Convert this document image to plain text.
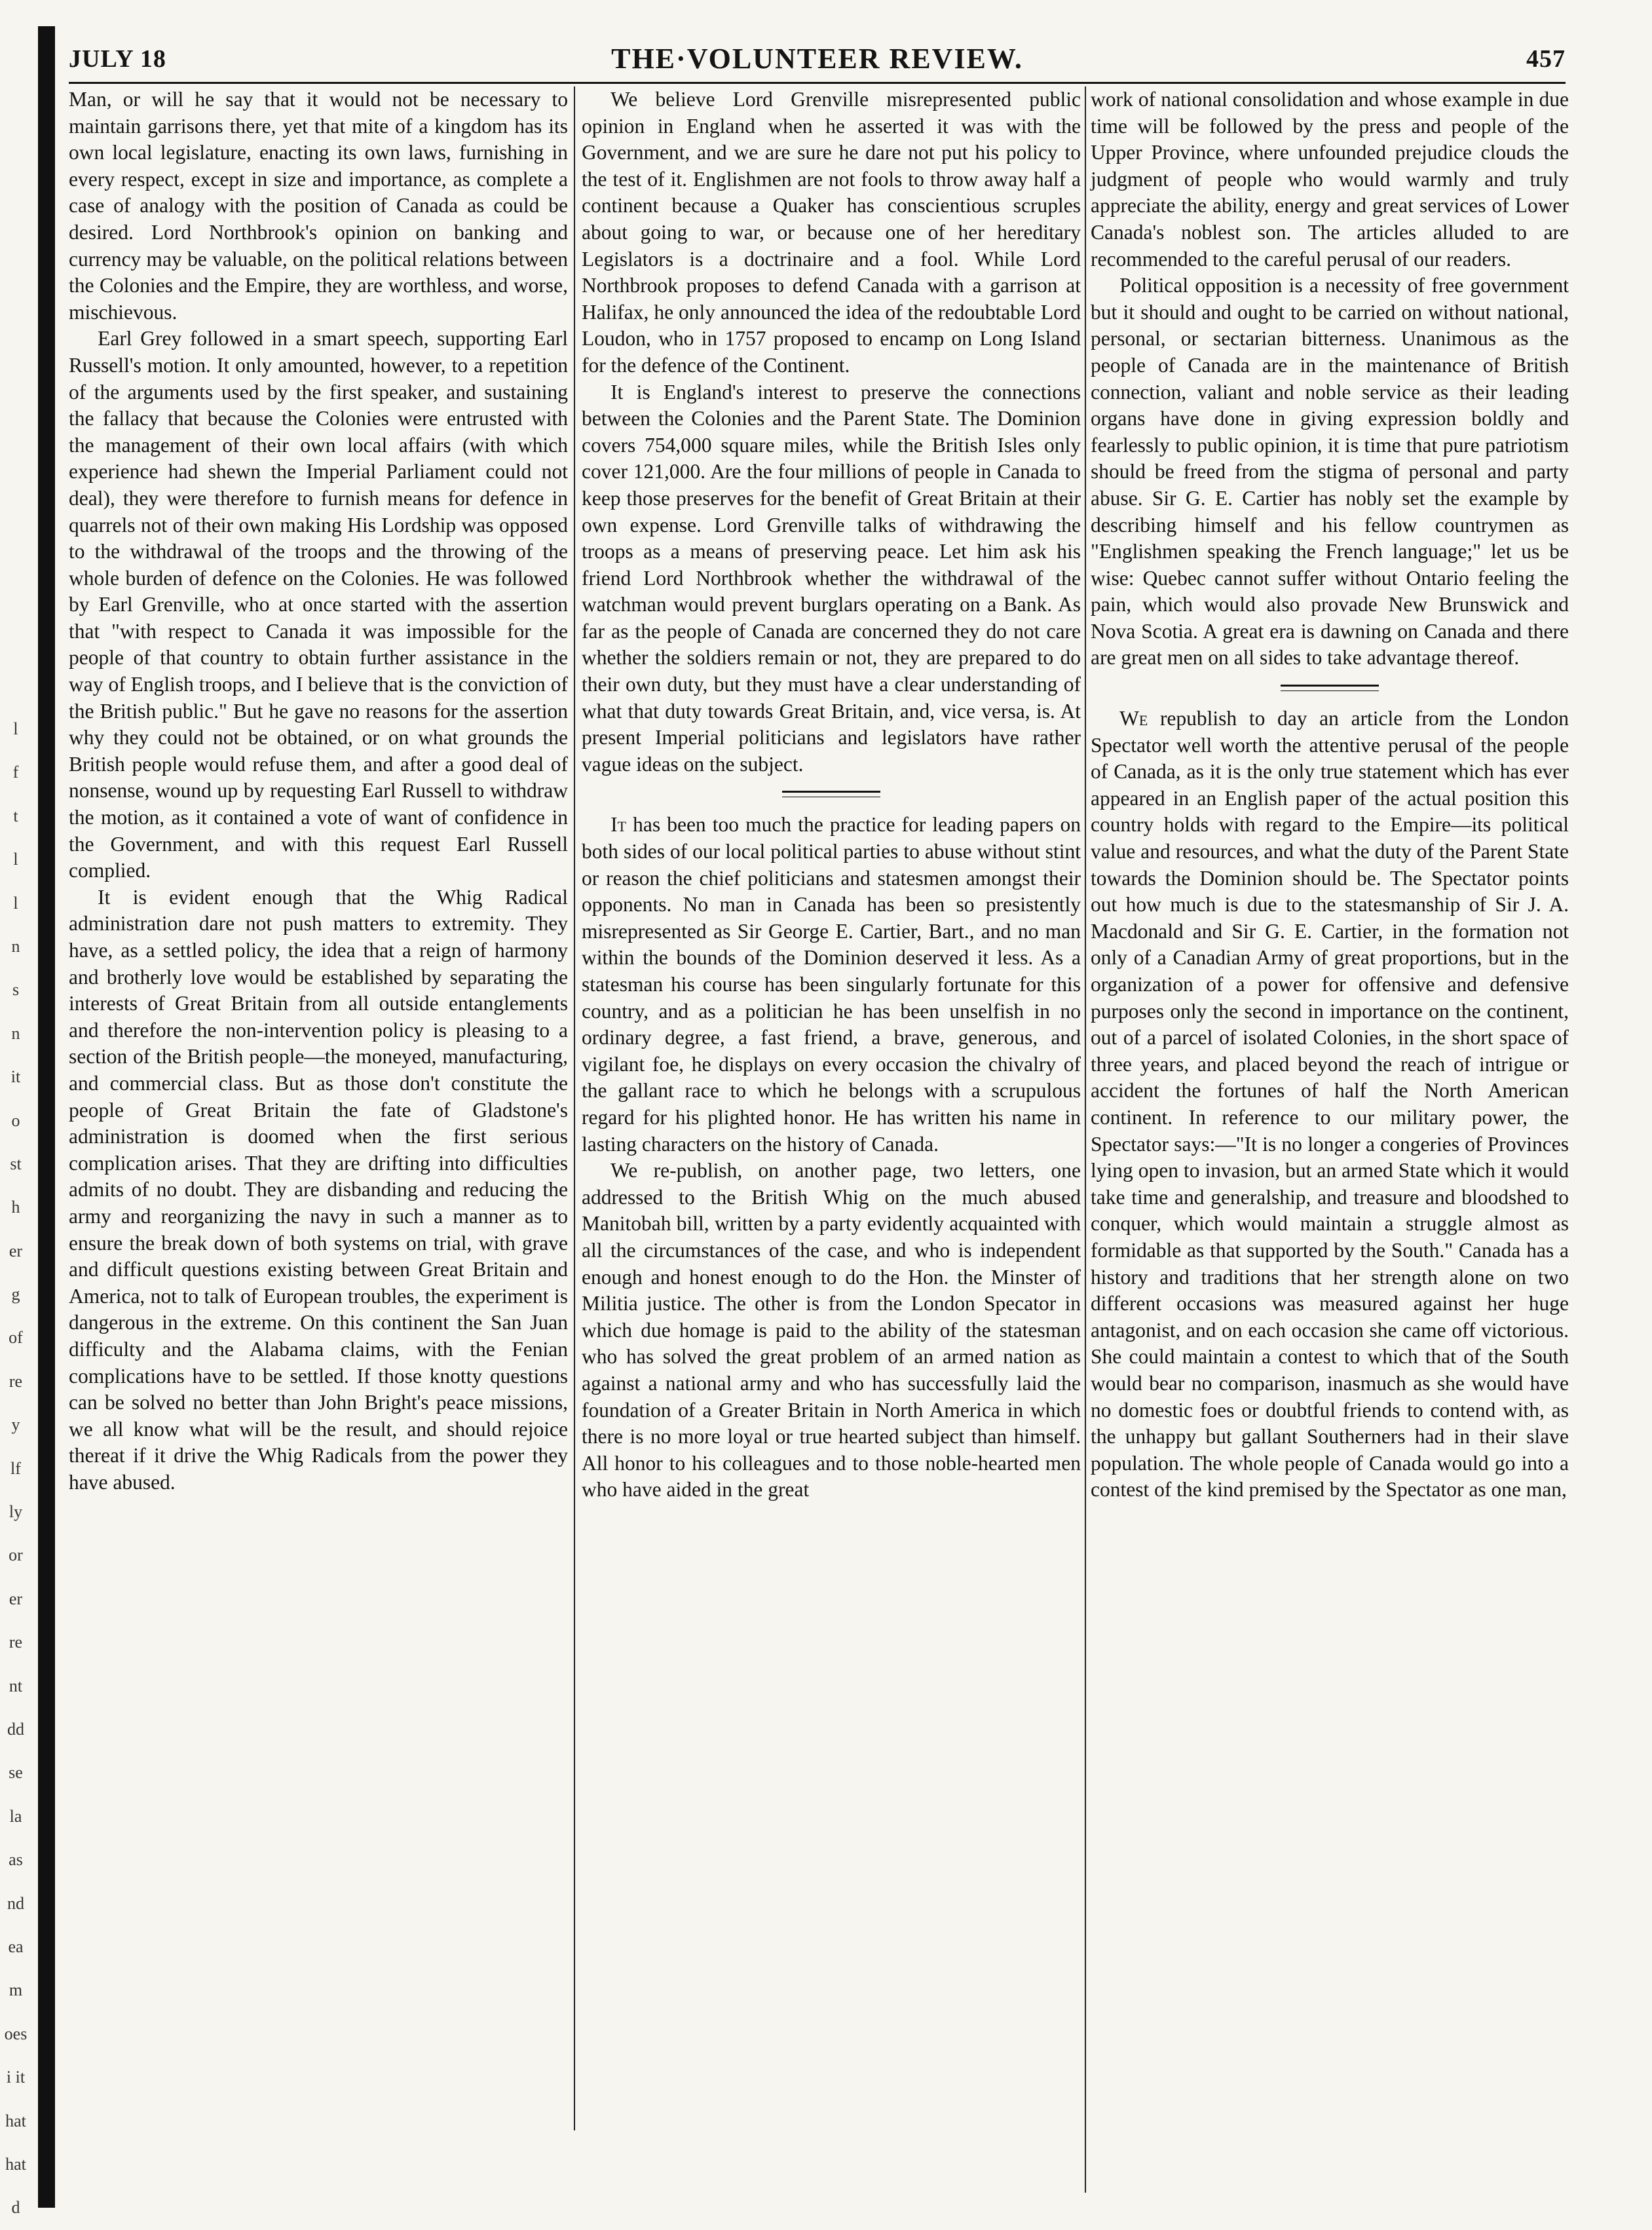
l
f
t
l
l
n
s
n
it
o
st
h
er
g
of
re
y
lf
ly
or
er
re
nt
dd
se
la
as
nd
ea
m
oes
i it
hat
hat
d
JULY 18	THE·VOLUNTEER REVIEW.	457

Man, or will he say that it would not be necessary to maintain garrisons there, yet that mite of a kingdom has its own local legislature, enacting its own laws, furnishing in every respect, except in size and importance, as complete a case of analogy with the position of Canada as could be desired. Lord Northbrook's opinion on banking and currency may be valuable, on the political relations between the Colonies and the Empire, they are worthless, and worse, mischievous.

Earl Grey followed in a smart speech, supporting Earl Russell's motion. It only amounted, however, to a repetition of the arguments used by the first speaker, and sustaining the fallacy that because the Colonies were entrusted with the management of their own local affairs (with which experience had shewn the Imperial Parliament could not deal), they were therefore to furnish means for defence in quarrels not of their own making His Lordship was opposed to the withdrawal of the troops and the throwing of the whole burden of defence on the Colonies. He was followed by Earl Grenville, who at once started with the assertion that "with respect to Canada it was impossible for the people of that country to obtain further assistance in the way of English troops, and I believe that is the conviction of the British public." But he gave no reasons for the assertion why they could not be obtained, or on what grounds the British people would refuse them, and after a good deal of nonsense, wound up by requesting Earl Russell to withdraw the motion, as it contained a vote of want of confidence in the Government, and with this request Earl Russell complied.

It is evident enough that the Whig Radical administration dare not push matters to extremity. They have, as a settled policy, the idea that a reign of harmony and brotherly love would be established by separating the interests of Great Britain from all outside entanglements and therefore the non-intervention policy is pleasing to a section of the British people—the moneyed, manufacturing, and commercial class. But as those don't constitute the people of Great Britain the fate of Gladstone's administration is doomed when the first serious complication arises. That they are drifting into difficulties admits of no doubt. They are disbanding and reducing the army and reorganizing the navy in such a manner as to ensure the break down of both systems on trial, with grave and difficult questions existing between Great Britain and America, not to talk of European troubles, the experiment is dangerous in the extreme. On this continent the San Juan difficulty and the Alabama claims, with the Fenian complications have to be settled. If those knotty questions can be solved no better than John Bright's peace missions, we all know what will be the result, and should rejoice thereat if it drive the Whig Radicals from the power they have abused.

We believe Lord Grenville misrepresented public opinion in England when he asserted it was with the Government, and we are sure he dare not put his policy to the test of it. Englishmen are not fools to throw away half a continent because a Quaker has conscientious scruples about going to war, or because one of her hereditary Legislators is a doctrinaire and a fool. While Lord Northbrook proposes to defend Canada with a garrison at Halifax, he only announced the idea of the redoubtable Lord Loudon, who in 1757 proposed to encamp on Long Island for the defence of the Continent.

It is England's interest to preserve the connections between the Colonies and the Parent State. The Dominion covers 754,000 square miles, while the British Isles only cover 121,000. Are the four millions of people in Canada to keep those preserves for the benefit of Great Britain at their own expense. Lord Grenville talks of withdrawing the troops as a means of preserving peace. Let him ask his friend Lord Northbrook whether the withdrawal of the watchman would prevent burglars operating on a Bank. As far as the people of Canada are concerned they do not care whether the soldiers remain or not, they are prepared to do their own duty, but they must have a clear understanding of what that duty towards Great Britain, and, vice versa, is. At present Imperial politicians and legislators have rather vague ideas on the subject.

It has been too much the practice for leading papers on both sides of our local political parties to abuse without stint or reason the chief politicians and statesmen amongst their opponents. No man in Canada has been so presistently misrepresented as Sir George E. Cartier, Bart., and no man within the bounds of the Dominion deserved it less. As a statesman his course has been singularly fortunate for this country, and as a politician he has been unselfish in no ordinary degree, a fast friend, a brave, generous, and vigilant foe, he displays on every occasion the chivalry of the gallant race to which he belongs with a scrupulous regard for his plighted honor. He has written his name in lasting characters on the history of Canada.

We re-publish, on another page, two letters, one addressed to the British Whig on the much abused Manitobah bill, written by a party evidently acquainted with all the circumstances of the case, and who is independent enough and honest enough to do the Hon. the Minster of Militia justice. The other is from the London Specator in which due homage is paid to the ability of the statesman who has solved the great problem of an armed nation as against a national army and who has successfully laid the foundation of a Greater Britain in North America in which there is no more loyal or true hearted subject than himself. All honor to his colleagues and to those noble-hearted men who have aided in the great

work of national consolidation and whose example in due time will be followed by the press and people of the Upper Province, where unfounded prejudice clouds the judgment of people who would warmly and truly appreciate the ability, energy and great services of Lower Canada's noblest son. The articles alluded to are recommended to the careful perusal of our readers.

Political opposition is a necessity of free government but it should and ought to be carried on without national, personal, or sectarian bitterness. Unanimous as the people of Canada are in the maintenance of British connection, valiant and noble service as their leading organs have done in giving expression boldly and fearlessly to public opinion, it is time that pure patriotism should be freed from the stigma of personal and party abuse. Sir G. E. Cartier has nobly set the example by describing himself and his fellow countrymen as "Englishmen speaking the French language;" let us be wise: Quebec cannot suffer without Ontario feeling the pain, which would also provade New Brunswick and Nova Scotia. A great era is dawning on Canada and there are great men on all sides to take advantage thereof.

We republish to day an article from the London Spectator well worth the attentive perusal of the people of Canada, as it is the only true statement which has ever appeared in an English paper of the actual position this country holds with regard to the Empire—its political value and resources, and what the duty of the Parent State towards the Dominion should be. The Spectator points out how much is due to the statesmanship of Sir J. A. Macdonald and Sir G. E. Cartier, in the formation not only of a Canadian Army of great proportions, but in the organization of a power for offensive and defensive purposes only the second in importance on the continent, out of a parcel of isolated Colonies, in the short space of three years, and placed beyond the reach of intrigue or accident the fortunes of half the North American continent. In reference to our military power, the Spectator says:—"It is no longer a congeries of Provinces lying open to invasion, but an armed State which it would take time and generalship, and treasure and bloodshed to conquer, which would maintain a struggle almost as formidable as that supported by the South." Canada has a history and traditions that her strength alone on two different occasions was measured against her huge antagonist, and on each occasion she came off victorious. She could maintain a contest to which that of the South would bear no comparison, inasmuch as she would have no domestic foes or doubtful friends to contend with, as the unhappy but gallant Southerners had in their slave population. The whole people of Canada would go into a contest of the kind premised by the Spectator as one man,
